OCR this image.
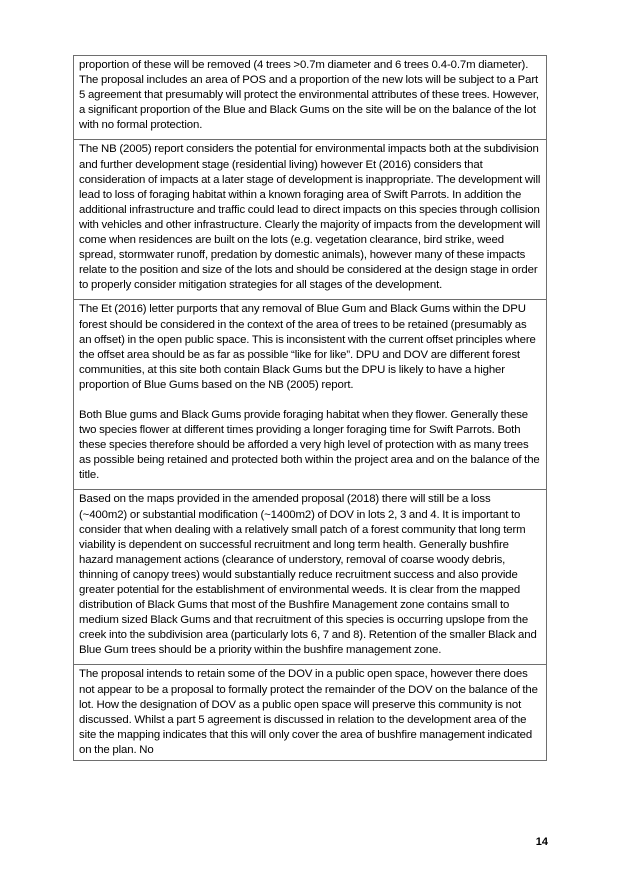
proportion of these will be removed (4 trees >0.7m diameter and 6 trees 0.4-0.7m diameter). The proposal includes an area of POS and a proportion of the new lots will be subject to a Part 5 agreement that presumably will protect the environmental attributes of these trees. However, a significant proportion of the Blue and Black Gums on the site will be on the balance of the lot with no formal protection.

The NB (2005) report considers the potential for environmental impacts both at the subdivision and further development stage (residential living) however Et (2016) considers that consideration of impacts at a later stage of development is inappropriate. The development will lead to loss of foraging habitat within a known foraging area of Swift Parrots. In addition the additional infrastructure and traffic could lead to direct impacts on this species through collision with vehicles and other infrastructure. Clearly the majority of impacts from the development will come when residences are built on the lots (e.g. vegetation clearance, bird strike, weed spread, stormwater runoff, predation by domestic animals), however many of these impacts relate to the position and size of the lots and should be considered at the design stage in order to properly consider mitigation strategies for all stages of the development.

The Et (2016) letter purports that any removal of Blue Gum and Black Gums within the DPU forest should be considered in the context of the area of trees to be retained (presumably as an offset) in the open public space. This is inconsistent with the current offset principles where the offset area should be as far as possible “like for like”. DPU and DOV are different forest communities, at this site both contain Black Gums but the DPU is likely to have a higher proportion of Blue Gums based on the NB (2005) report.

Both Blue gums and Black Gums provide foraging habitat when they flower. Generally these two species flower at different times providing a longer foraging time for Swift Parrots. Both these species therefore should be afforded a very high level of protection with as many trees as possible being retained and protected both within the project area and on the balance of the title.

Based on the maps provided in the amended proposal (2018) there will still be a loss (~400m2) or substantial modification (~1400m2) of DOV in lots 2, 3 and 4. It is important to consider that when dealing with a relatively small patch of a forest community that long term viability is dependent on successful recruitment and long term health. Generally bushfire hazard management actions (clearance of understory, removal of coarse woody debris, thinning of canopy trees) would substantially reduce recruitment success and also provide greater potential for the establishment of environmental weeds. It is clear from the mapped distribution of Black Gums that most of the Bushfire Management zone contains small to medium sized Black Gums and that recruitment of this species is occurring upslope from the creek into the subdivision area (particularly lots 6, 7 and 8). Retention of the smaller Black and Blue Gum trees should be a priority within the bushfire management zone.

The proposal intends to retain some of the DOV in a public open space, however there does not appear to be a proposal to formally protect the remainder of the DOV on the balance of the lot. How the designation of DOV as a public open space will preserve this community is not discussed. Whilst a part 5 agreement is discussed in relation to the development area of the site the mapping indicates that this will only cover the area of bushfire management indicated on the plan. No

14
